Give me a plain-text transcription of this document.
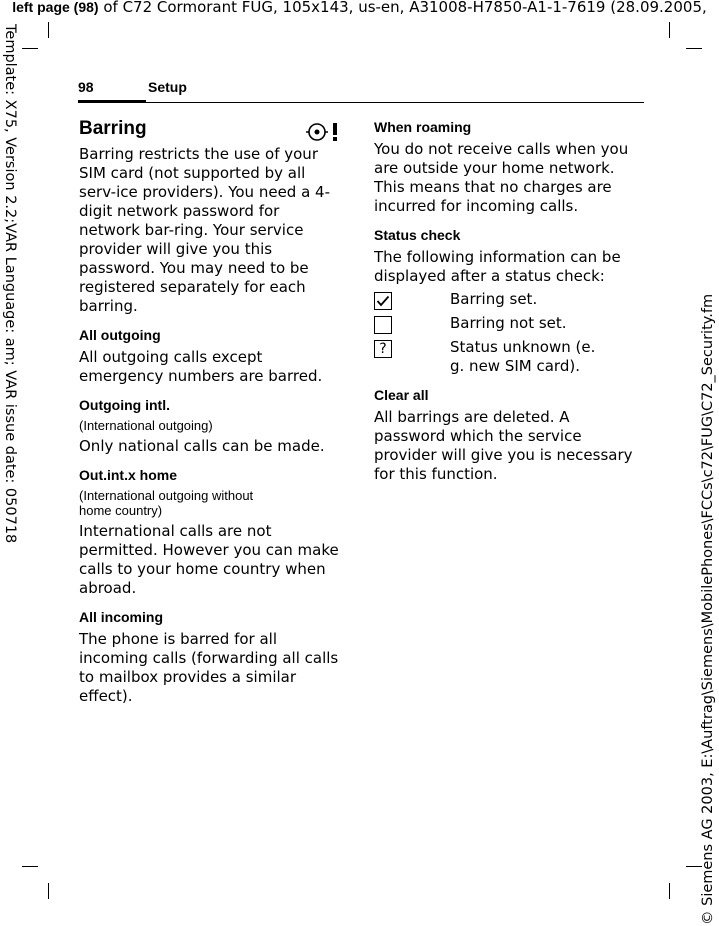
left page (98) of C72 Cormorant FUG, 105x143, us-en, A31008-H7850-A1-1-7619 (28.09.2005,
Template: X75, Version 2.2;VAR Language: am; VAR issue date: 050718
© Siemens AG 2003, E:\Auftrag\Siemens\MobilePhones\FCCs\c72\FUG\C72_Security.fm
98	Setup
Barring

Barring restricts the use of your SIM card (not supported by all serv-ice providers). You need a 4-digit network password for network bar-ring. Your service provider will give you this password. You may need to be registered separately for each barring.

All outgoing

All outgoing calls except emergency numbers are barred.

Outgoing intl.
(International outgoing)

Only national calls can be made.

Out.int.x home
(International outgoing without home country)

International calls are not permitted. However you can make calls to your home country when abroad.

All incoming

The phone is barred for all incoming calls (forwarding all calls to mailbox provides a similar effect).

When roaming

You do not receive calls when you are outside your home network. This means that no charges are incurred for incoming calls.

Status check

The following information can be displayed after a status check:

Barring set.
Barring not set.
?	Status unknown (e. g. new SIM card).
Clear all

All barrings are deleted. A password which the service provider will give you is necessary for this function.
